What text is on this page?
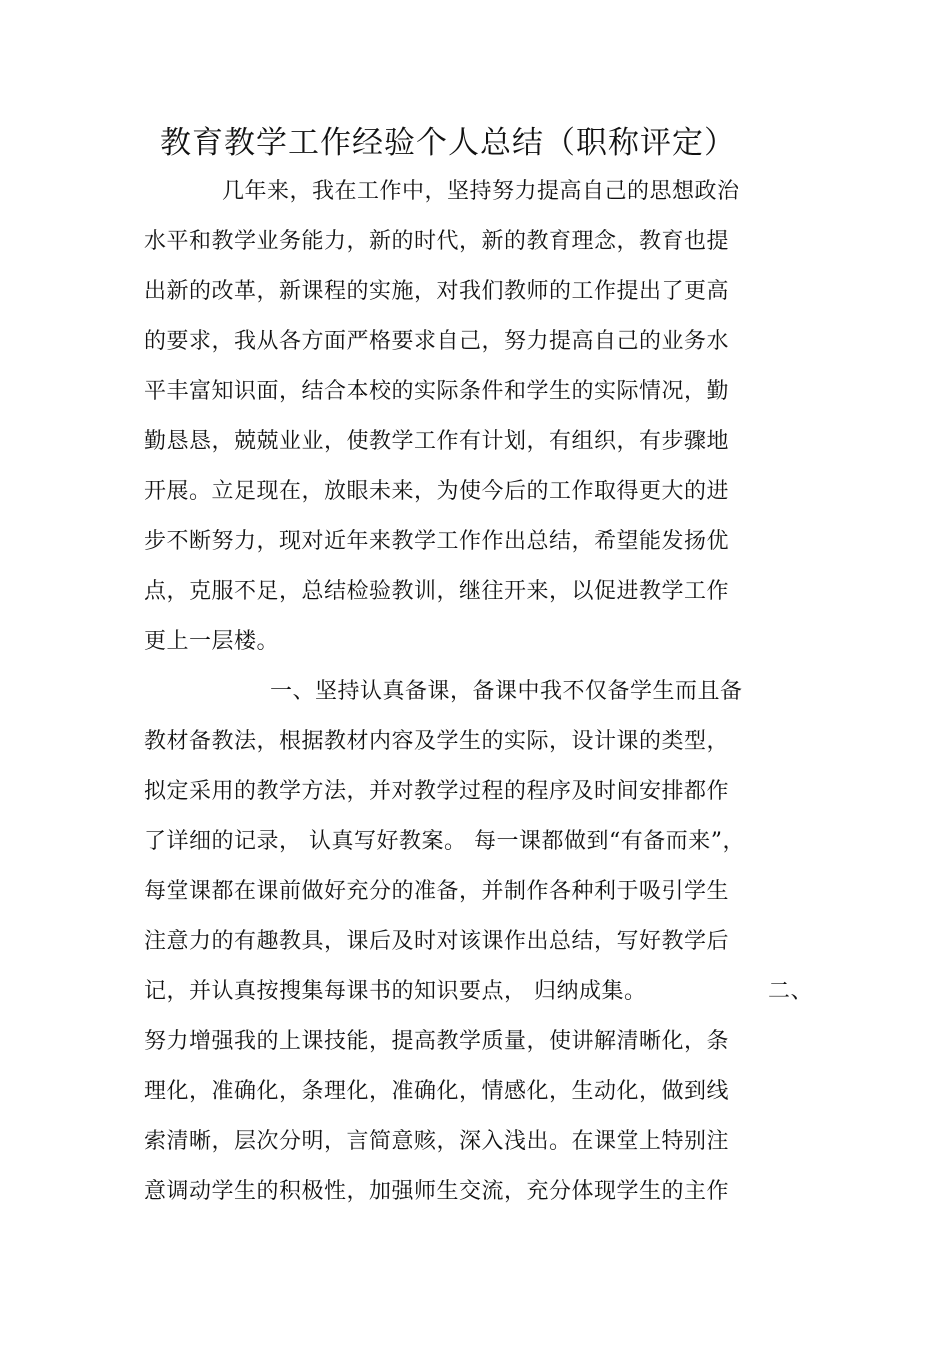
教育教学工作经验个人总结（职称评定）
几年来，我在工作中，坚持努力提高自己的思想政治
水平和教学业务能力，新的时代，新的教育理念，教育也提
出新的改革，新课程的实施，对我们教师的工作提出了更高
的要求，我从各方面严格要求自己，努力提高自己的业务水
平丰富知识面，结合本校的实际条件和学生的实际情况，勤
勤恳恳，兢兢业业，使教学工作有计划，有组织，有步骤地
开展。立足现在，放眼未来，为使今后的工作取得更大的进
步不断努力，现对近年来教学工作作出总结，希望能发扬优
点，克服不足，总结检验教训，继往开来，以促进教学工作
更上一层楼。
一、坚持认真备课，备课中我不仅备学生而且备
教材备教法，根据教材内容及学生的实际，设计课的类型，
拟定采用的教学方法，并对教学过程的程序及时间安排都作
了详细的记录， 认真写好教案。 每一课都做到“有备而来”，
每堂课都在课前做好充分的准备，并制作各种利于吸引学生
注意力的有趣教具，课后及时对该课作出总结，写好教学后
记，并认真按搜集每课书的知识要点， 归纳成集。	二、
努力增强我的上课技能，提高教学质量，使讲解清晰化，条
理化，准确化，条理化，准确化，情感化，生动化，做到线
索清晰，层次分明，言简意赅，深入浅出。在课堂上特别注
意调动学生的积极性，加强师生交流，充分体现学生的主作
